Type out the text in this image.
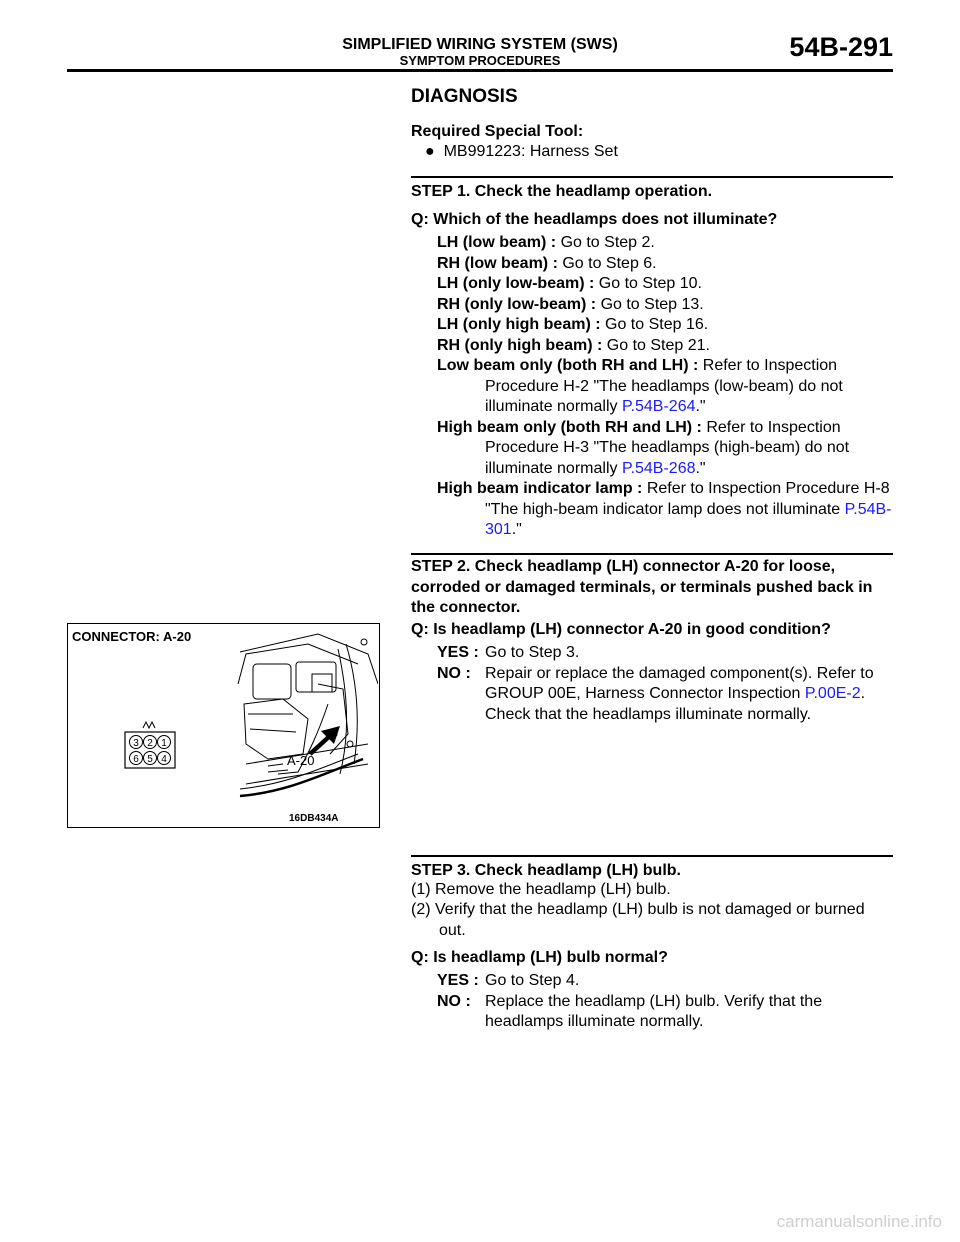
SIMPLIFIED WIRING SYSTEM (SWS)
SYMPTOM PROCEDURES	54B-291
DIAGNOSIS
Required Special Tool:
● MB991223: Harness Set
STEP 1. Check the headlamp operation.
Q: Which of the headlamps does not illuminate?
LH (low beam) : Go to Step 2.
RH (low beam) : Go to Step 6.
LH (only low-beam) : Go to Step 10.
RH (only low-beam) : Go to Step 13.
LH (only high beam) : Go to Step 16.
RH (only high beam) : Go to Step 21.

Low beam only (both RH and LH) : Refer to Inspection Procedure H-2 "The headlamps (low-beam) do not illuminate normally P.54B-264."

High beam only (both RH and LH) : Refer to Inspection Procedure H-3 "The headlamps (high-beam) do not illuminate normally P.54B-268."

High beam indicator lamp : Refer to Inspection Procedure H-8 "The high-beam indicator lamp does not illuminate P.54B-301."

STEP 2. Check headlamp (LH) connector A-20 for loose, corroded or damaged terminals, or terminals pushed back in the connector.
Q: Is headlamp (LH) connector A-20 in good condition?
YES : Go to Step 3.
NO : Repair or replace the damaged component(s). Refer to GROUP 00E, Harness Connector Inspection P.00E-2. Check that the headlamps illuminate normally.
CONNECTOR: A-20
3 2 1
6 5 4	A-20
16DB434A
STEP 3. Check headlamp (LH) bulb.
(1) Remove the headlamp (LH) bulb.
(2) Verify that the headlamp (LH) bulb is not damaged or burned out.
Q: Is headlamp (LH) bulb normal?
YES : Go to Step 4.
NO : Replace the headlamp (LH) bulb. Verify that the headlamps illuminate normally.
carmanualsonline.info
